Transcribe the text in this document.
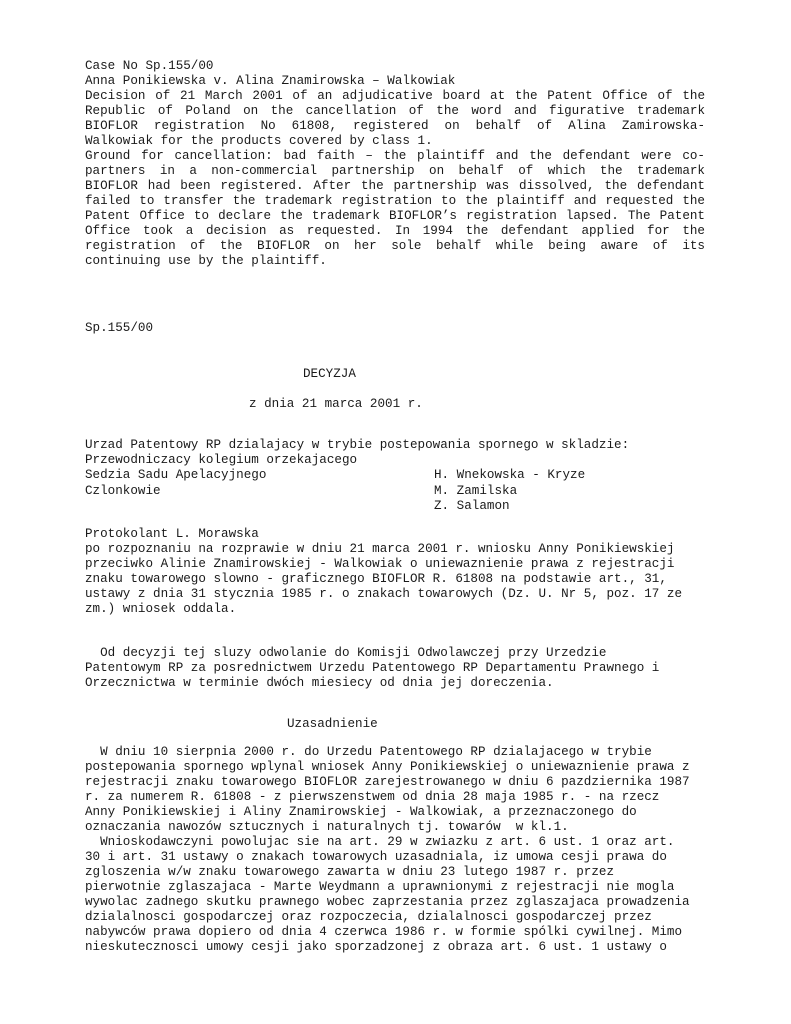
Case No Sp.155/00
Anna Ponikiewska v. Alina Znamirowska – Walkowiak
Decision of 21 March 2001 of an adjudicative board at the Patent Office of the
Republic of Poland on the cancellation of the word and figurative trademark
BIOFLOR registration No 61808, registered on behalf of Alina Zamirowska-
Walkowiak for the products covered by class 1.
Ground for cancellation: bad faith – the plaintiff and the defendant were co-
partners in a non-commercial partnership on behalf of which the trademark
BIOFLOR had been registered. After the partnership was dissolved, the defendant
failed to transfer the trademark registration to the plaintiff and requested the
Patent Office to declare the trademark BIOFLOR’s registration lapsed. The Patent
Office took a decision as requested. In 1994 the defendant applied for the
registration of the BIOFLOR on her sole behalf while being aware of its
continuing use by the plaintiff.
Sp.155/00
DECYZJA
z dnia 21 marca 2001 r.
Urzad Patentowy RP dzialajacy w trybie postepowania spornego w skladzie:
Przewodniczacy kolegium orzekajacego
Sedzia Sadu Apelacyjnego	H. Wnekowska - Kryze
Czlonkowie	M. Zamilska
Z. Salamon
Protokolant L. Morawska
po rozpoznaniu na rozprawie w dniu 21 marca 2001 r. wniosku Anny Ponikiewskiej
przeciwko Alinie Znamirowskiej - Walkowiak o uniewaznienie prawa z rejestracji
znaku towarowego slowno - graficznego BIOFLOR R. 61808 na podstawie art., 31,
ustawy z dnia 31 stycznia 1985 r. o znakach towarowych (Dz. U. Nr 5, poz. 17 ze
zm.) wniosek oddala.
Od decyzji tej sluzy odwolanie do Komisji Odwolawczej przy Urzedzie
Patentowym RP za posrednictwem Urzedu Patentowego RP Departamentu Prawnego i
Orzecznictwa w terminie dwóch miesiecy od dnia jej doreczenia.
Uzasadnienie
W dniu 10 sierpnia 2000 r. do Urzedu Patentowego RP dzialajacego w trybie
postepowania spornego wplynal wniosek Anny Ponikiewskiej o uniewaznienie prawa z
rejestracji znaku towarowego BIOFLOR zarejestrowanego w dniu 6 pazdziernika 1987
r. za numerem R. 61808 - z pierwszenstwem od dnia 28 maja 1985 r. - na rzecz
Anny Ponikiewskiej i Aliny Znamirowskiej - Walkowiak, a przeznaczonego do
oznaczania nawozów sztucznych i naturalnych tj. towarów  w kl.1.
Wnioskodawczyni powolujac sie na art. 29 w zwiazku z art. 6 ust. 1 oraz art.
30 i art. 31 ustawy o znakach towarowych uzasadniala, iz umowa cesji prawa do
zgloszenia w/w znaku towarowego zawarta w dniu 23 lutego 1987 r. przez
pierwotnie zglaszajaca - Marte Weydmann a uprawnionymi z rejestracji nie mogla
wywolac zadnego skutku prawnego wobec zaprzestania przez zglaszajaca prowadzenia
dzialalnosci gospodarczej oraz rozpoczecia, dzialalnosci gospodarczej przez
nabywców prawa dopiero od dnia 4 czerwca 1986 r. w formie spólki cywilnej. Mimo
nieskutecznosci umowy cesji jako sporzadzonej z obraza art. 6 ust. 1 ustawy o
